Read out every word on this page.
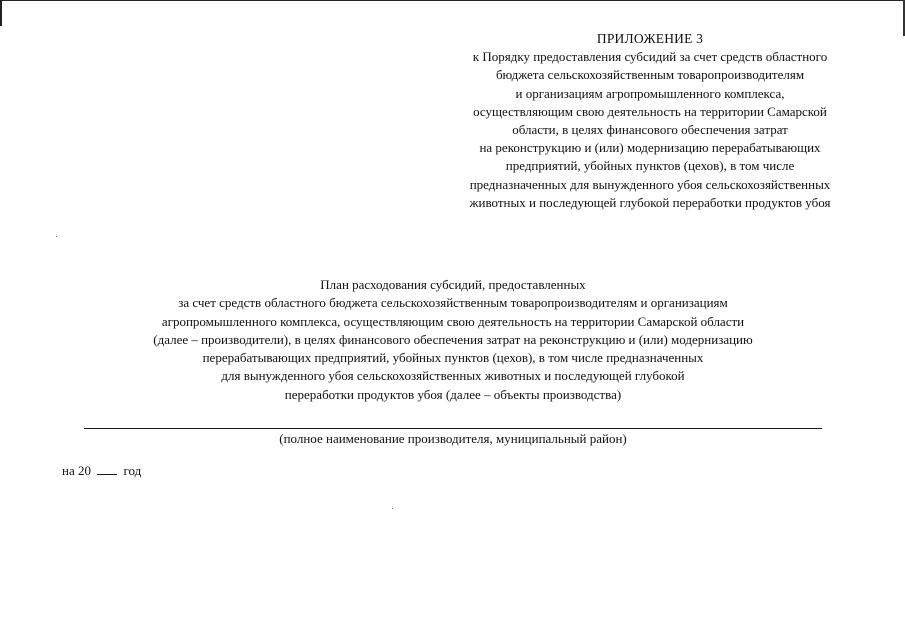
ПРИЛОЖЕНИЕ 3
к Порядку предоставления субсидий за счет средств областного
бюджета сельскохозяйственным товаропроизводителям
и организациям агропромышленного комплекса,
осуществляющим свою деятельность на территории Самарской
области, в целях финансового обеспечения затрат
на реконструкцию и (или) модернизацию перерабатывающих
предприятий, убойных пунктов (цехов), в том числе
предназначенных для вынужденного убоя сельскохозяйственных
животных и последующей глубокой переработки продуктов убоя
План расходования субсидий, предоставленных
за счет средств областного бюджета сельскохозяйственным товаропроизводителям и организациям
агропромышленного комплекса, осуществляющим свою деятельность на территории Самарской области
(далее – производители), в целях финансового обеспечения затрат на реконструкцию и (или) модернизацию
перерабатывающих предприятий, убойных пунктов (цехов), в том числе предназначенных
для вынужденного убоя сельскохозяйственных животных и последующей глубокой
переработки продуктов убоя (далее – объекты производства)
(полное наименование производителя, муниципальный район)
на 20	год
